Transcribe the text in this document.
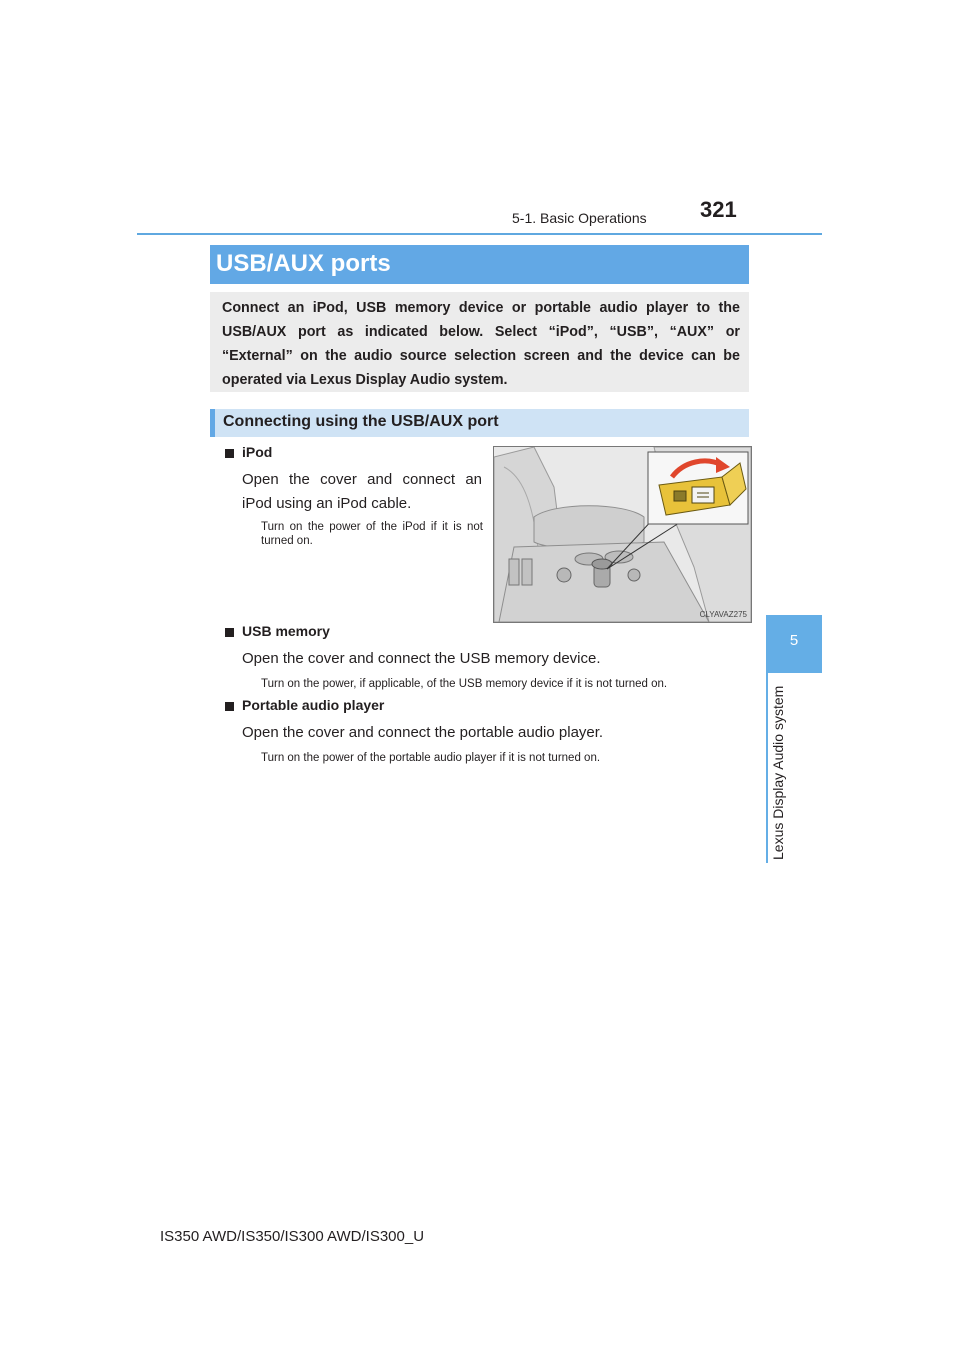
5-1. Basic Operations 321
5
Lexus Display Audio system
USB/AUX ports

Connect an iPod, USB memory device or portable audio player to the USB/AUX port as indicated below. Select “iPod”, “USB”, “AUX” or “External” on the audio source selection screen and the device can be operated via Lexus Display Audio system.

Connecting using the USB/AUX port
iPod
Open the cover and connect an iPod using an iPod cable.
Turn on the power of the iPod if it is not turned on.
CLYAVAZ275
USB memory
Open the cover and connect the USB memory device.
Turn on the power, if applicable, of the USB memory device if it is not turned on.
Portable audio player
Open the cover and connect the portable audio player.
Turn on the power of the portable audio player if it is not turned on.
IS350 AWD/IS350/IS300 AWD/IS300_U
